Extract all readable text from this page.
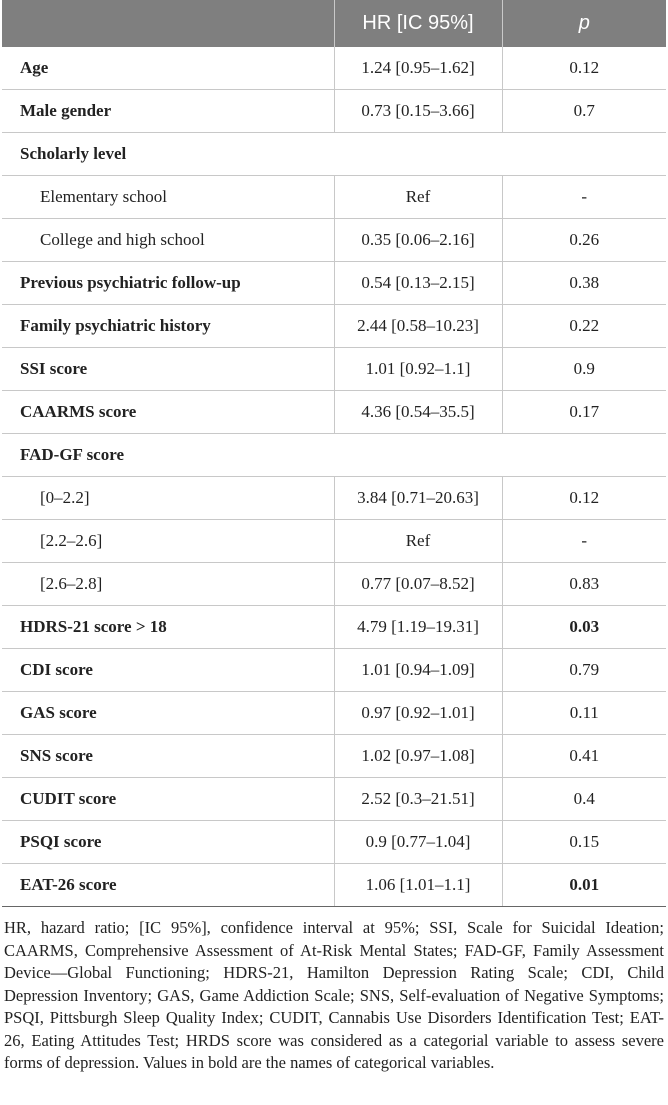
	HR [IC 95%]	p
Age	1.24 [0.95–1.62]	0.12
Male gender	0.73 [0.15–3.66]	0.7
Scholarly level		
Elementary school	Ref	-
College and high school	0.35 [0.06–2.16]	0.26
Previous psychiatric follow-up	0.54 [0.13–2.15]	0.38
Family psychiatric history	2.44 [0.58–10.23]	0.22
SSI score	1.01 [0.92–1.1]	0.9
CAARMS score	4.36 [0.54–35.5]	0.17
FAD-GF score		
[0–2.2]	3.84 [0.71–20.63]	0.12
[2.2–2.6]	Ref	-
[2.6–2.8]	0.77 [0.07–8.52]	0.83
HDRS-21 score > 18	4.79 [1.19–19.31]	0.03
CDI score	1.01 [0.94–1.09]	0.79
GAS score	0.97 [0.92–1.01]	0.11
SNS score	1.02 [0.97–1.08]	0.41
CUDIT score	2.52 [0.3–21.51]	0.4
PSQI score	0.9 [0.77–1.04]	0.15
EAT-26 score	1.06 [1.01–1.1]	0.01

HR, hazard ratio; [IC 95%], confidence interval at 95%; SSI, Scale for Suicidal Ideation; CAARMS, Comprehensive Assessment of At-Risk Mental States; FAD-GF, Family Assessment Device—Global Functioning; HDRS-21, Hamilton Depression Rating Scale; CDI, Child Depression Inventory; GAS, Game Addiction Scale; SNS, Self-evaluation of Negative Symptoms; PSQI, Pittsburgh Sleep Quality Index; CUDIT, Cannabis Use Disorders Identification Test; EAT-26, Eating Attitudes Test; HRDS score was considered as a categorial variable to assess severe forms of depression. Values in bold are the names of categorical variables.
